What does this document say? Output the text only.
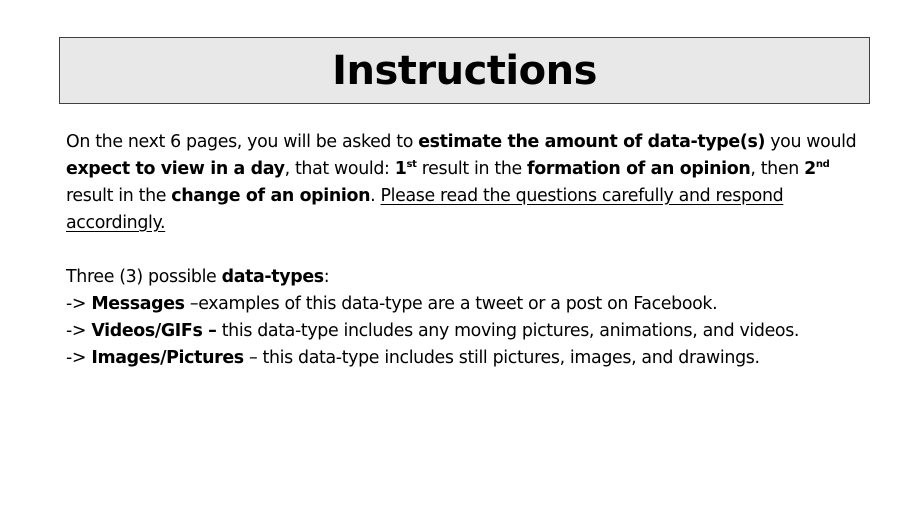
Instructions

On the next 6 pages, you will be asked to estimate the amount of data-type(s) you would expect to view in a day, that would: 1st result in the formation of an opinion, then 2nd result in the change of an opinion. Please read the questions carefully and respond accordingly.

Three (3) possible data-types:

-> Messages –examples of this data-type are a tweet or a post on Facebook.

-> Videos/GIFs – this data-type includes any moving pictures, animations, and videos.

-> Images/Pictures – this data-type includes still pictures, images, and drawings.
